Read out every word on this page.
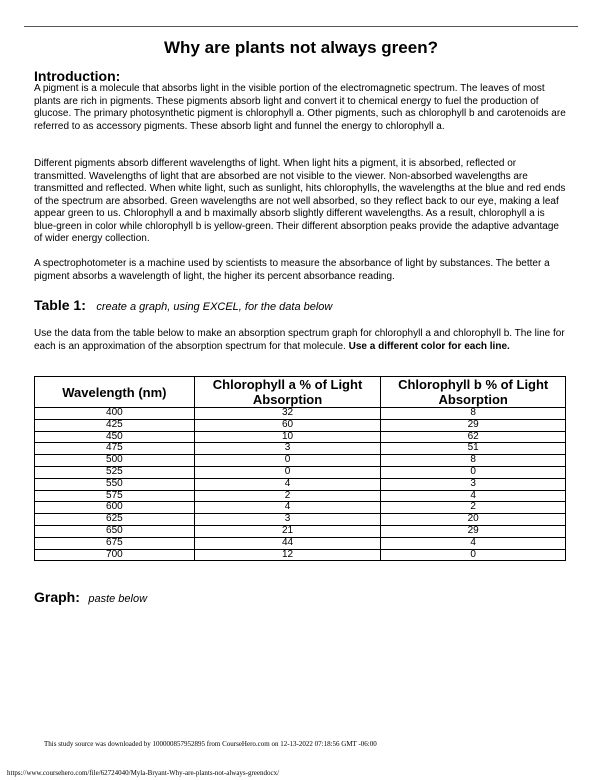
Why are plants not always green?
Introduction:
A pigment is a molecule that absorbs light in the visible portion of the electromagnetic spectrum. The leaves of most plants are rich in pigments. These pigments absorb light and convert it to chemical energy to fuel the production of glucose. The primary photosynthetic pigment is chlorophyll a. Other pigments, such as chlorophyll b and carotenoids are referred to as accessory pigments. These absorb light and funnel the energy to chlorophyll a.
Different pigments absorb different wavelengths of light. When light hits a pigment, it is absorbed, reflected or transmitted. Wavelengths of light that are absorbed are not visible to the viewer. Non-absorbed wavelengths are transmitted and reflected. When white light, such as sunlight, hits chlorophylls, the wavelengths at the blue and red ends of the spectrum are absorbed. Green wavelengths are not well absorbed, so they reflect back to our eye, making a leaf appear green to us. Chlorophyll a and b maximally absorb slightly different wavelengths. As a result, chlorophyll a is blue-green in color while chlorophyll b is yellow-green. Their different absorption peaks provide the adaptive advantage of wider energy collection.
A spectrophotometer is a machine used by scientists to measure the absorbance of light by substances. The better a pigment absorbs a wavelength of light, the higher its percent absorbance reading.
Table 1: create a graph, using EXCEL, for the data below
Use the data from the table below to make an absorption spectrum graph for chlorophyll a and chlorophyll b. The line for each is an approximation of the absorption spectrum for that molecule. Use a different color for each line.
Wavelength (nm)	Chlorophyll a % of Light Absorption	Chlorophyll b % of Light Absorption
400	32	8
425	60	29
450	10	62
475	3	51
500	0	8
525	0	0
550	4	3
575	2	4
600	4	2
625	3	20
650	21	29
675	44	4
700	12	0
Graph: paste below
This study source was downloaded by 100000857952895 from CourseHero.com on 12-13-2022 07:18:56 GMT -06:00
https://www.coursehero.com/file/62724040/Myla-Bryant-Why-are-plants-not-always-greendocx/
